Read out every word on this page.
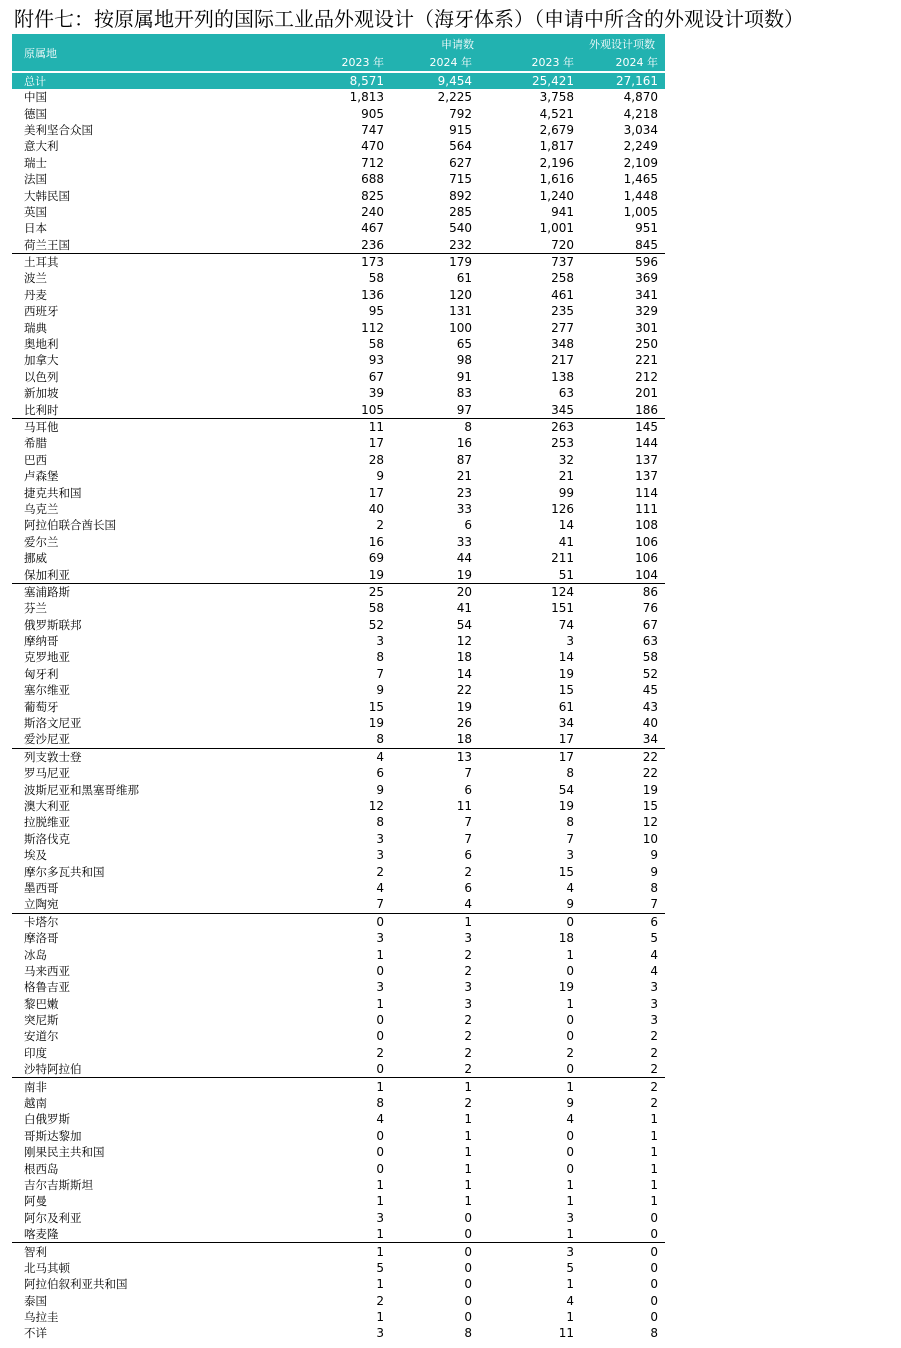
附件七：按原属地开列的国际工业品外观设计（海牙体系）（申请中所含的外观设计项数）
原属地	申请数		外观设计项数	
	2023 年	2024 年	2023 年	2024 年

总计	8,571	9,454	25,421	27,161
中国	1,813	2,225	3,758	4,870
德国	905	792	4,521	4,218
美利坚合众国	747	915	2,679	3,034
意大利	470	564	1,817	2,249
瑞士	712	627	2,196	2,109
法国	688	715	1,616	1,465
大韩民国	825	892	1,240	1,448
英国	240	285	941	1,005
日本	467	540	1,001	951
荷兰王国	236	232	720	845
土耳其	173	179	737	596
波兰	58	61	258	369
丹麦	136	120	461	341
西班牙	95	131	235	329
瑞典	112	100	277	301
奥地利	58	65	348	250
加拿大	93	98	217	221
以色列	67	91	138	212
新加坡	39	83	63	201
比利时	105	97	345	186
马耳他	11	8	263	145
希腊	17	16	253	144
巴西	28	87	32	137
卢森堡	9	21	21	137
捷克共和国	17	23	99	114
乌克兰	40	33	126	111
阿拉伯联合酋长国	2	6	14	108
爱尔兰	16	33	41	106
挪威	69	44	211	106
保加利亚	19	19	51	104
塞浦路斯	25	20	124	86
芬兰	58	41	151	76
俄罗斯联邦	52	54	74	67
摩纳哥	3	12	3	63
克罗地亚	8	18	14	58
匈牙利	7	14	19	52
塞尔维亚	9	22	15	45
葡萄牙	15	19	61	43
斯洛文尼亚	19	26	34	40
爱沙尼亚	8	18	17	34
列支敦士登	4	13	17	22
罗马尼亚	6	7	8	22
波斯尼亚和黑塞哥维那	9	6	54	19
澳大利亚	12	11	19	15
拉脱维亚	8	7	8	12
斯洛伐克	3	7	7	10
埃及	3	6	3	9
摩尔多瓦共和国	2	2	15	9
墨西哥	4	6	4	8
立陶宛	7	4	9	7
卡塔尔	0	1	0	6
摩洛哥	3	3	18	5
冰岛	1	2	1	4
马来西亚	0	2	0	4
格鲁吉亚	3	3	19	3
黎巴嫩	1	3	1	3
突尼斯	0	2	0	3
安道尔	0	2	0	2
印度	2	2	2	2
沙特阿拉伯	0	2	0	2
南非	1	1	1	2
越南	8	2	9	2
白俄罗斯	4	1	4	1
哥斯达黎加	0	1	0	1
刚果民主共和国	0	1	0	1
根西岛	0	1	0	1
吉尔吉斯斯坦	1	1	1	1
阿曼	1	1	1	1
阿尔及利亚	3	0	3	0
喀麦隆	1	0	1	0
智利	1	0	3	0
北马其顿	5	0	5	0
阿拉伯叙利亚共和国	1	0	1	0
泰国	2	0	4	0
乌拉圭	1	0	1	0
不详	3	8	11	8
